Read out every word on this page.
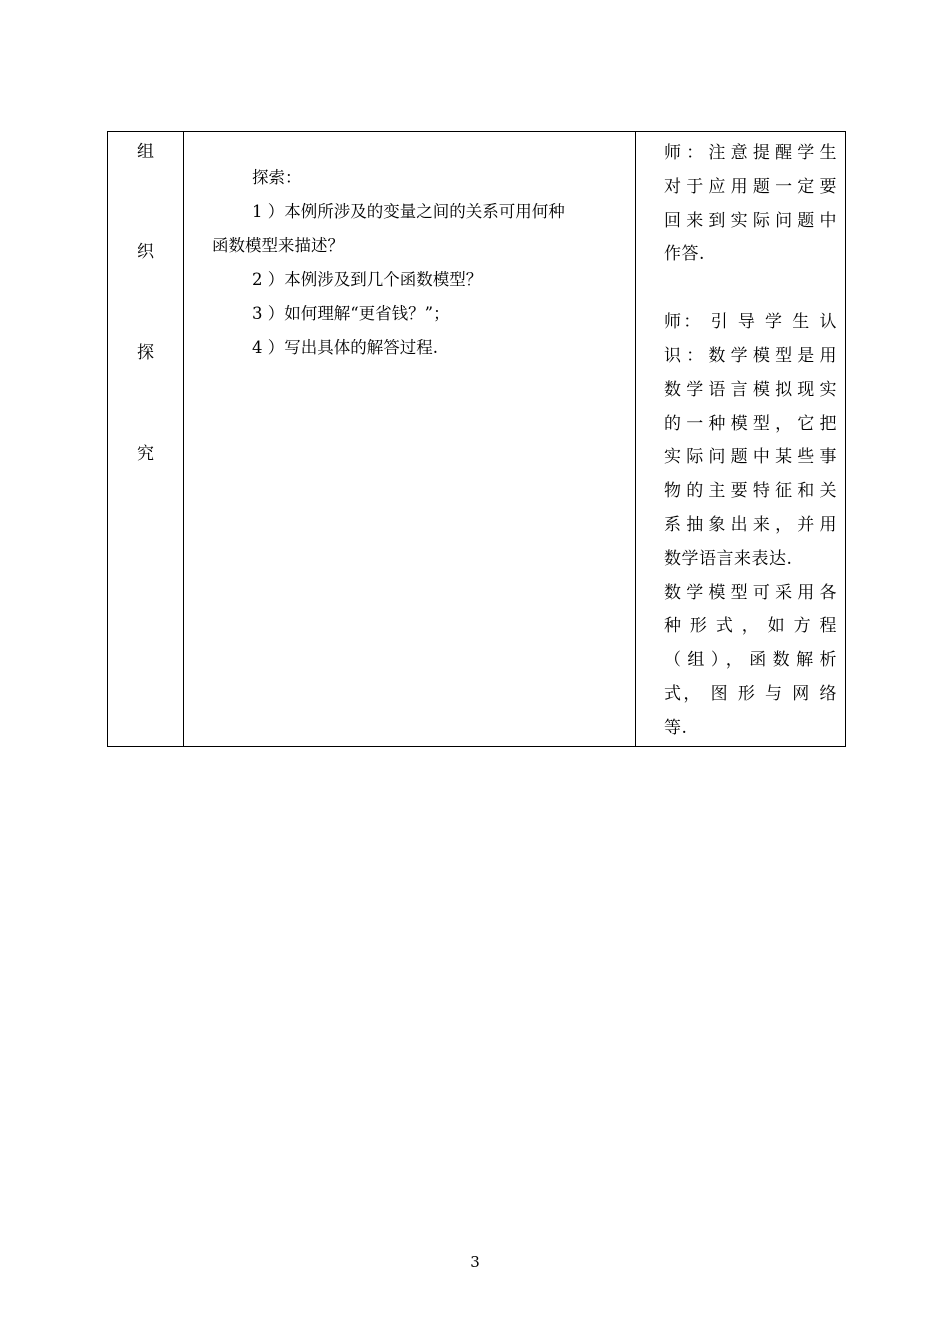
组
织
探
究

探索：
1 ）本例所涉及的变量之间的关系可用何种
函数模型来描述？
2 ）本例涉及到几个函数模型？
3 ）如何理解“更省钱？”；
4 ）写出具体的解答过程.

师：注意提醒学生
对于应用题一定要
回来到实际问题中
作答.
师： 引 导 学 生 认
识：数学模型是用
数学语言模拟现实
的一种模型，它把
实际问题中某些事
物的主要特征和关
系抽象出来，并用
数学语言来表达.
数学模型可采用各
种 形 式 ， 如 方 程
（组），函数解析
式， 图 形 与 网 络
等.
3
